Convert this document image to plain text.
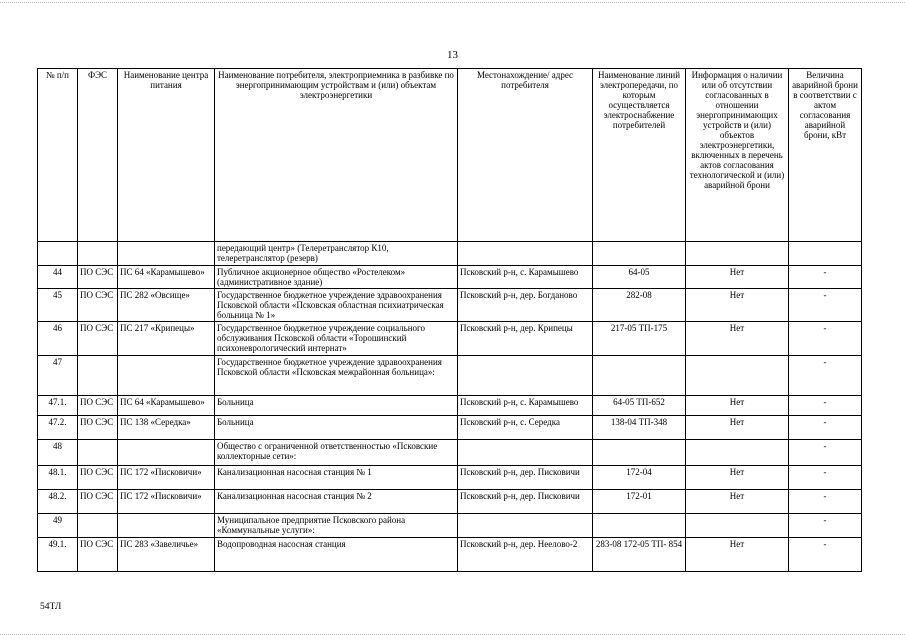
13
№ п/п	ФЭС	Наименование центра питания	Наименование потребителя, электроприемника в разбивке по энергопринимающим устройствам и (или) объектам электроэнергетики	Местонахождение/ адрес потребителя	Наименование линий электропередачи, по которым осуществляется электроснабжение потребителей	Информация о наличии или об отсутствии согласованных в отношении энергопринимающих устройств и (или) объектов электроэнергетики, включенных в перечень актов согласования технологической и (или) аварийной брони	Величина аварийной брони в соответствии с актом согласования аварийной брони, кВт
			передающий центр» (Телеретранслятор К10, телеретранслятор (резерв)				
44	ПО СЭС	ПС 64 «Карамышево»	Публичное акционерное общество «Ростелеком» (административное здание)	Псковский р-н, с. Карамышево	64-05	Нет	-
45	ПО СЭС	ПС 282 «Овсище»	Государственное бюджетное учреждение здравоохранения Псковской области «Псковская областная психиатрическая больница № 1»	Псковский р-н, дер. Богданово	282-08	Нет	-
46	ПО СЭС	ПС 217 «Крипецы»	Государственное бюджетное учреждение социального обслуживания Псковской области «Торошинский психоневрологический интернат»	Псковский р-н, дер. Крипецы	217-05 ТП-175	Нет	-
47			Государственное бюджетное учреждение здравоохранения Псковской области «Псковская межрайонная больница»:				-
47.1.	ПО СЭС	ПС 64 «Карамышево»	Больница	Псковский р-н, с. Карамышево	64-05 ТП-652	Нет	-
47.2.	ПО СЭС	ПС 138 «Середка»	Больница	Псковский р-н, с. Середка	138-04 ТП-348	Нет	-
48			Общество с ограниченной ответственностью «Псковские коллекторные сети»:				-
48.1.	ПО СЭС	ПС 172 «Писковичи»	Канализационная насосная станция № 1	Псковский р-н, дер. Писковичи	172-04	Нет	-
48.2.	ПО СЭС	ПС 172 «Писковичи»	Канализационная насосная станция № 2	Псковский р-н, дер. Писковичи	172-01	Нет	-
49			Муниципальное предприятие Псковского района «Коммунальные услуги»:				-
49.1.	ПО СЭС	ПС 283 «Завеличье»	Водопроводная насосная станция	Псковский р-н, дер. Неелово-2	283-08 172-05 ТП- 854	Нет	-
54ТЛ
